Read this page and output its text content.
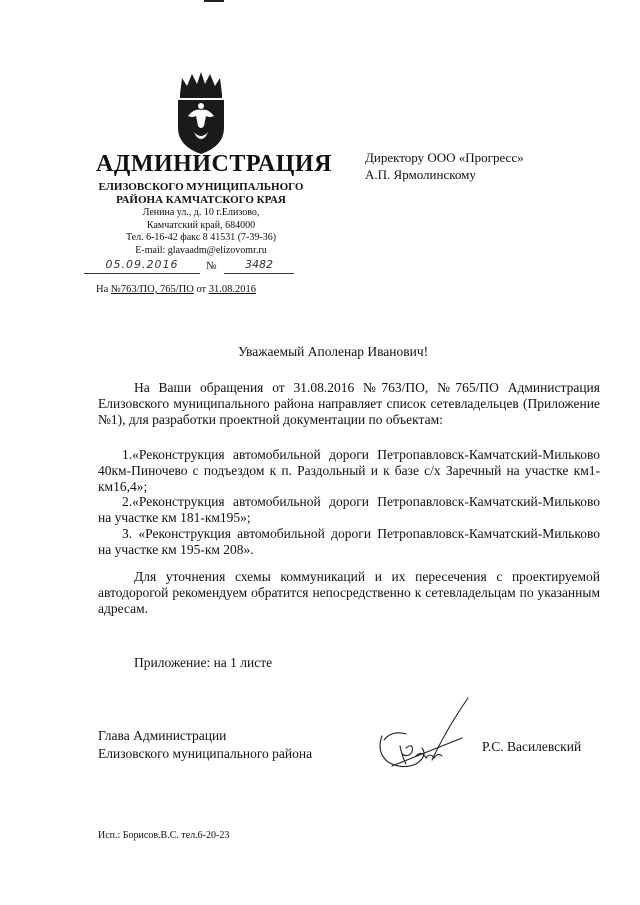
АДМИНИСТРАЦИЯ
ЕЛИЗОВСКОГО МУНИЦИПАЛЬНОГО
РАЙОНА КАМЧАТСКОГО КРАЯ
Ленина ул., д. 10 г.Елизово,
Камчатский край, 684000
Тел. 6-16-42 факс 8 41531 (7-39-36)
E-mail: glavaadm@elizovomr.ru
05.09.2016	№	3482
На №763/ПО, 765/ПО от 31.08.2016
Директору ООО «Прогресс»
А.П. Ярмолинскому
Уважаемый Аполенар Иванович!

На Ваши обращения от 31.08.2016 №763/ПО, №765/ПО Администрация Елизовского муниципального района направляет список сетевладельцев (Приложение №1), для разработки проектной документации по объектам:

1.«Реконструкция автомобильной дороги Петропавловск-Камчатский-Мильково 40км-Пиночево с подъездом к п. Раздольный и к базе с/х Заречный на участке км1-км16,4»;

2.«Реконструкция автомобильной дороги Петропавловск-Камчатский-Мильково на участке км 181-км195»;

3. «Реконструкция автомобильной дороги Петропавловск-Камчатский-Мильково на участке км 195-км 208».

Для уточнения схемы коммуникаций и их пересечения с проектируемой автодорогой рекомендуем обратится непосредственно к сетевладельцам по указанным адресам.

Приложение: на 1 листе
Глава Администрации
Елизовского муниципального района	Р.С. Василевский
Исп.: Борисов.В.С. тел.6-20-23
